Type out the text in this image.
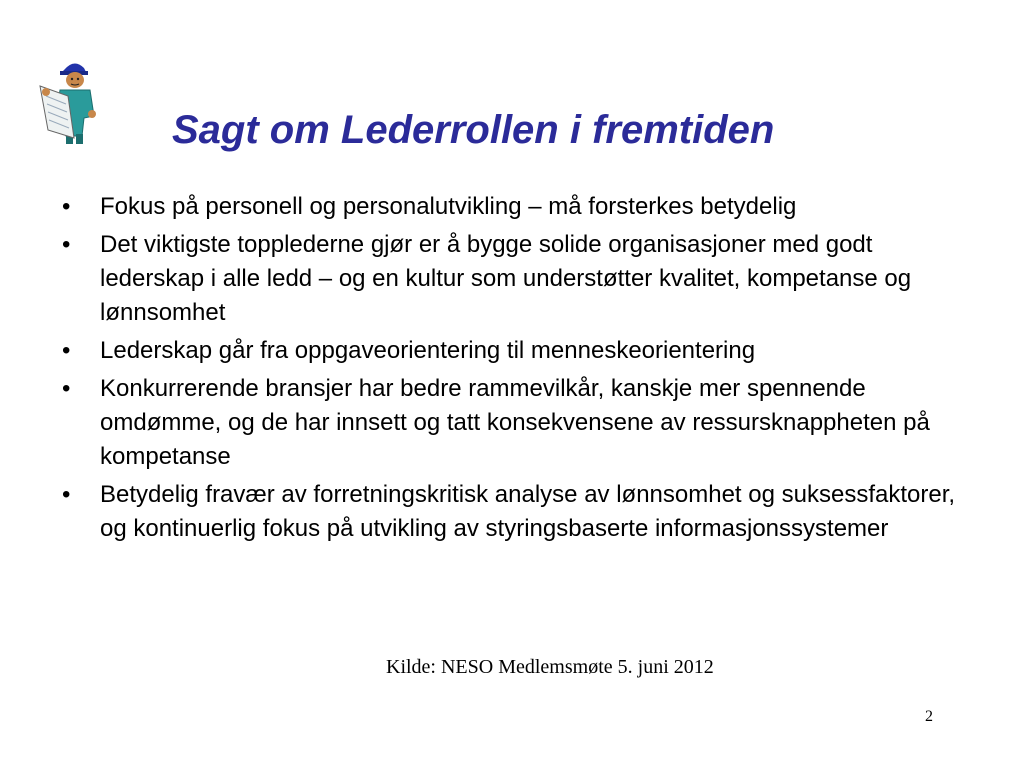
Sagt om Lederrollen i fremtiden
• Fokus på personell og personalutvikling – må forsterkes betydelig
• Det viktigste topplederne gjør er å bygge solide organisasjoner med godt lederskap i alle ledd – og en kultur som understøtter kvalitet, kompetanse og lønnsomhet
• Lederskap går fra oppgaveorientering til menneskeorientering
• Konkurrerende bransjer har bedre rammevilkår, kanskje mer spennende omdømme, og de har innsett og tatt konsekvensene av ressursknappheten på kompetanse
• Betydelig fravær av forretningskritisk analyse av lønnsomhet og suksessfaktorer, og kontinuerlig fokus på utvikling av styringsbaserte informasjonssystemer
Kilde: NESO Medlemsmøte 5. juni 2012
2
